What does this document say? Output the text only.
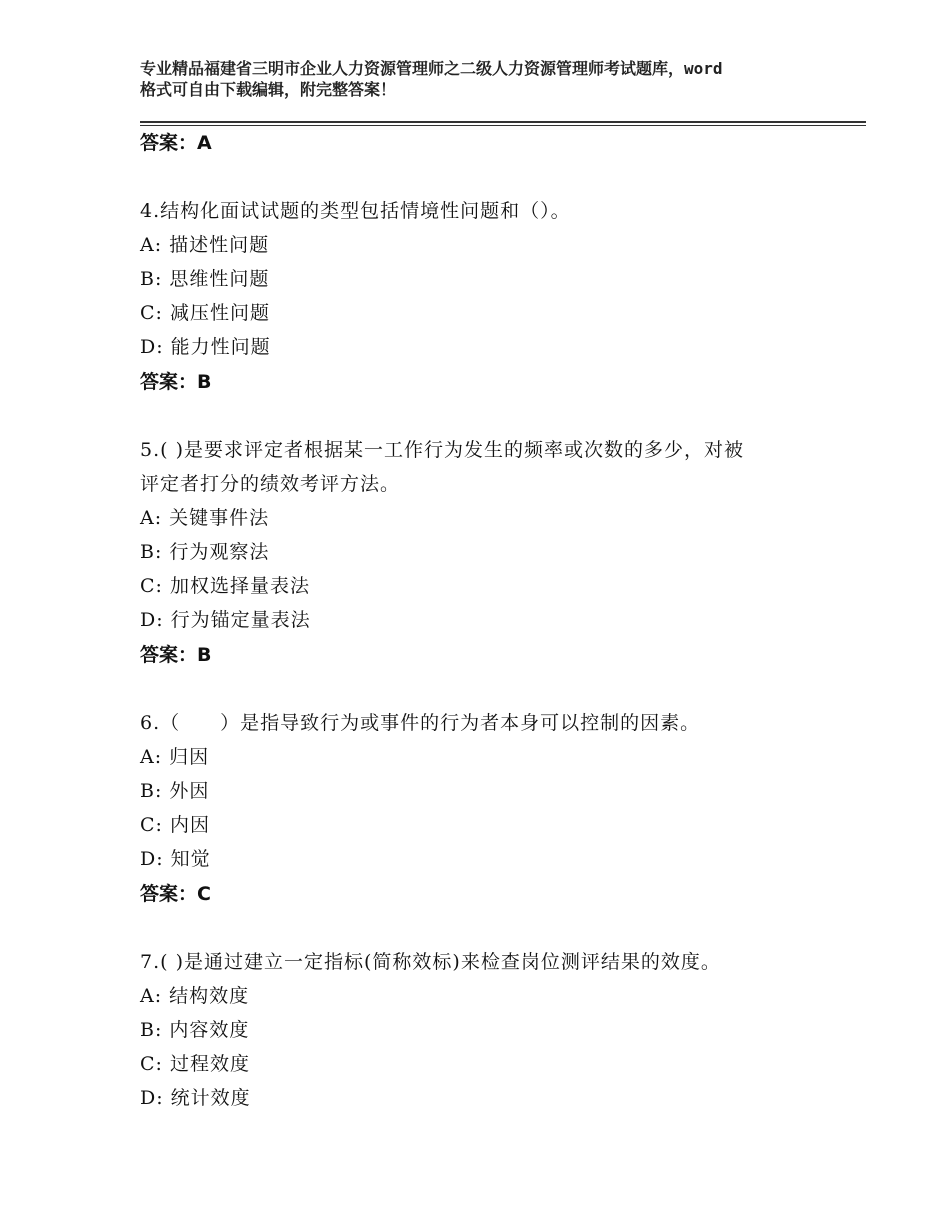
专业精品福建省三明市企业人力资源管理师之二级人力资源管理师考试题库，word
格式可自由下载编辑，附完整答案！
答案：A
4.结构化面试试题的类型包括情境性问题和（）。
A: 描述性问题
B: 思维性问题
C: 减压性问题
D: 能力性问题
答案：B
5.( )是要求评定者根据某一工作行为发生的频率或次数的多少，对被
评定者打分的绩效考评方法。
A: 关键事件法
B: 行为观察法
C: 加权选择量表法
D: 行为锚定量表法
答案：B
6.（　　）是指导致行为或事件的行为者本身可以控制的因素。
A: 归因
B: 外因
C: 内因
D: 知觉
答案：C
7.( )是通过建立一定指标(简称效标)来检查岗位测评结果的效度。
A: 结构效度
B: 内容效度
C: 过程效度
D: 统计效度
